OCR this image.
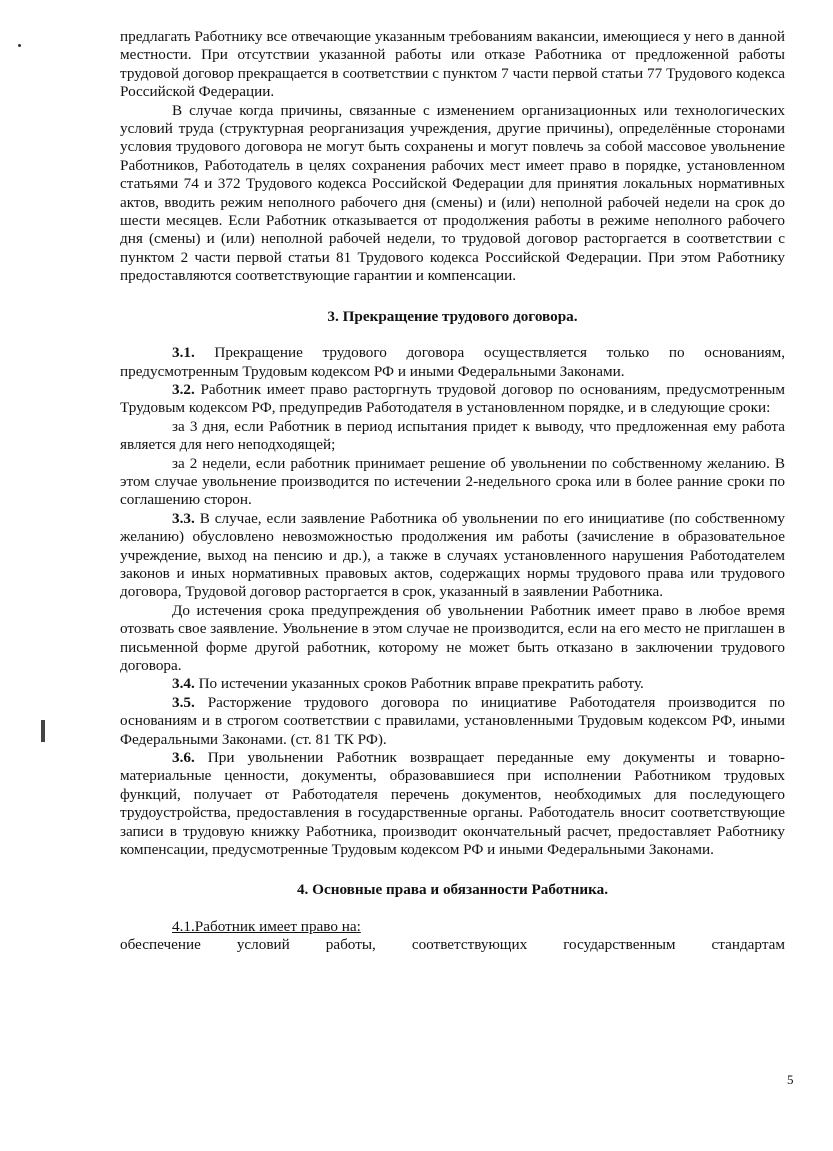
предлагать Работнику все отвечающие указанным требованиям вакансии, имеющиеся у него в данной местности. При отсутствии указанной работы или отказе Работника от предложенной работы трудовой договор прекращается в соответствии с пунктом 7 части первой статьи 77 Трудового кодекса Российской Федерации.

В случае когда причины, связанные с изменением организационных или технологических условий труда (структурная реорганизация учреждения, другие причины), определённые сторонами условия трудового договора не могут быть сохранены и могут повлечь за собой массовое увольнение Работников, Работодатель в целях сохранения рабочих мест имеет право в порядке, установленном статьями 74 и 372 Трудового кодекса Российской Федерации для принятия локальных нормативных актов, вводить режим неполного рабочего дня (смены) и (или) неполной рабочей недели на срок до шести месяцев. Если Работник отказывается от продолжения работы в режиме неполного рабочего дня (смены) и (или) неполной рабочей недели, то трудовой договор расторгается в соответствии с пунктом 2 части первой статьи 81 Трудового кодекса Российской Федерации. При этом Работнику предоставляются соответствующие гарантии и компенсации.

3. Прекращение трудового договора.

3.1. Прекращение трудового договора осуществляется только по основаниям, предусмотренным Трудовым кодексом РФ и иными Федеральными Законами.

3.2. Работник имеет право расторгнуть трудовой договор по основаниям, предусмотренным Трудовым кодексом РФ, предупредив Работодателя в установленном порядке, и в следующие сроки:

за 3 дня, если Работник в период испытания придет к выводу, что предложенная ему работа является для него неподходящей;

за 2 недели, если работник принимает решение об увольнении по собственному желанию. В этом случае увольнение производится по истечении 2-недельного срока или в более ранние сроки по соглашению сторон.

3.3. В случае, если заявление Работника об увольнении по его инициативе (по собственному желанию) обусловлено невозможностью продолжения им работы (зачисление в образовательное учреждение, выход на пенсию и др.), а также в случаях установленного нарушения Работодателем законов и иных нормативных правовых актов, содержащих нормы трудового права или трудового договора, Трудовой договор расторгается в срок, указанный в заявлении Работника.

До истечения срока предупреждения об увольнении Работник имеет право в любое время отозвать свое заявление. Увольнение в этом случае не производится, если на его место не приглашен в письменной форме другой работник, которому не может быть отказано в заключении трудового договора.

3.4. По истечении указанных сроков Работник вправе прекратить работу.

3.5. Расторжение трудового договора по инициативе Работодателя производится по основаниям и в строгом соответствии с правилами, установленными Трудовым кодексом РФ, иными Федеральными Законами. (ст. 81 ТК РФ).

3.6. При увольнении Работник возвращает переданные ему документы и товарно-материальные ценности, документы, образовавшиеся при исполнении Работником трудовых функций, получает от Работодателя перечень документов, необходимых для последующего трудоустройства, предоставления в государственные органы. Работодатель вносит соответствующие записи в трудовую книжку Работника, производит окончательный расчет, предоставляет Работнику компенсации, предусмотренные Трудовым кодексом РФ и иными Федеральными Законами.

4. Основные права и обязанности Работника.

4.1.Работник имеет право на:

обеспечение условий работы, соответствующих государственным стандартам

5
